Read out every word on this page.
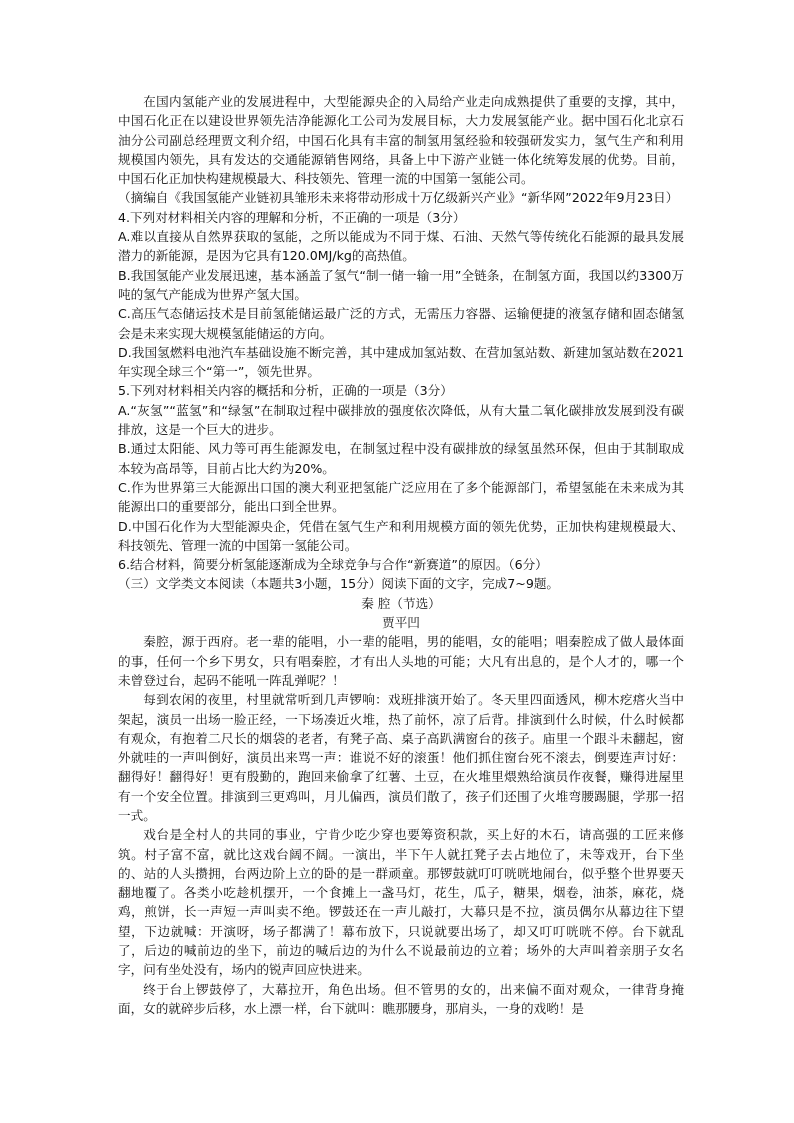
在国内氢能产业的发展进程中，大型能源央企的入局给产业走向成熟提供了重要的支撑，其中，中国石化正在以建设世界领先洁净能源化工公司为发展目标，大力发展氢能产业。据中国石化北京石油分公司副总经理贾文利介绍，中国石化具有丰富的制氢用氢经验和较强研发实力，氢气生产和利用规模国内领先，具有发达的交通能源销售网络，具备上中下游产业链一体化统筹发展的优势。目前，中国石化正加快构建规模最大、科技领先、管理一流的中国第一氢能公司。

（摘编自《我国氢能产业链初具雏形未来将带动形成十万亿级新兴产业》“新华网”2022年9月23日）

4.下列对材料相关内容的理解和分析，不正确的一项是（3分）

A.难以直接从自然界获取的氢能，之所以能成为不同于煤、石油、天然气等传统化石能源的最具发展潜力的新能源，是因为它具有120.0MJ/kg的高热值。

B.我国氢能产业发展迅速，基本涵盖了氢气“制一储一输一用”全链条，在制氢方面，我国以约3300万吨的氢气产能成为世界产氢大国。

C.高压气态储运技术是目前氢能储运最广泛的方式，无需压力容器、运输便捷的液氢存储和固态储氢会是未来实现大规模氢能储运的方向。

D.我国氢燃料电池汽车基础设施不断完善，其中建成加氢站数、在营加氢站数、新建加氢站数在2021年实现全球三个“第一”，领先世界。

5.下列对材料相关内容的概括和分析，正确的一项是（3分）

A.“灰氢”“蓝氢”和“绿氢”在制取过程中碳排放的强度依次降低，从有大量二氧化碳排放发展到没有碳排放，这是一个巨大的进步。

B.通过太阳能、风力等可再生能源发电，在制氢过程中没有碳排放的绿氢虽然环保，但由于其制取成本较为高昂等，目前占比大约为20%。

C.作为世界第三大能源出口国的澳大利亚把氢能广泛应用在了多个能源部门，希望氢能在未来成为其能源出口的重要部分，能出口到全世界。

D.中国石化作为大型能源央企，凭借在氢气生产和利用规模方面的领先优势，正加快构建规模最大、科技领先、管理一流的中国第一氢能公司。

6.结合材料，简要分析氢能逐渐成为全球竞争与合作“新赛道”的原因。（6分）

（三）文学类文本阅读（本题共3小题，15分）阅读下面的文字，完成7~9题。

秦 腔（节选）

贾平凹

秦腔，源于西府。老一辈的能唱，小一辈的能唱，男的能唱，女的能唱；唱秦腔成了做人最体面的事，任何一个乡下男女，只有唱秦腔，才有出人头地的可能；大凡有出息的，是个人才的，哪一个未曾登过台，起码不能吼一阵乱弹呢？！

每到农闲的夜里，村里就常听到几声锣响：戏班排演开始了。冬天里四面透风，柳木疙瘩火当中架起，演员一出场一脸正经，一下场凑近火堆，热了前怀，凉了后背。排演到什么时候，什么时候都有观众，有抱着二尺长的烟袋的老者，有凳子高、桌子高趴满窗台的孩子。庙里一个跟斗未翻起，窗外就哇的一声叫倒好，演员出来骂一声：谁说不好的滚蛋！他们抓住窗台死不滚去，倒要连声讨好：翻得好！翻得好！更有殷勤的，跑回来偷拿了红薯、土豆，在火堆里煨熟给演员作夜餐，赚得进屋里有一个安全位置。排演到三更鸡叫，月儿偏西，演员们散了，孩子们还围了火堆弯腰踢腿，学那一招一式。

戏台是全村人的共同的事业，宁肯少吃少穿也要筹资积款，买上好的木石，请高强的工匠来修筑。村子富不富，就比这戏台阔不阔。一演出，半下午人就扛凳子去占地位了，未等戏开，台下坐的、站的人头攒拥，台两边阶上立的卧的是一群顽童。那锣鼓就叮叮咣咣地闹台，似乎整个世界要天翻地覆了。各类小吃趁机摆开，一个食摊上一盏马灯，花生，瓜子，糖果，烟卷，油茶，麻花，烧鸡，煎饼，长一声短一声叫卖不绝。锣鼓还在一声儿敲打，大幕只是不拉，演员偶尔从幕边往下望望，下边就喊：开演呀，场子都满了！幕布放下，只说就要出场了，却又叮叮咣咣不停。台下就乱了，后边的喊前边的坐下，前边的喊后边的为什么不说最前边的立着；场外的大声叫着亲朋子女名字，问有坐处没有，场内的锐声回应快进来。

终于台上锣鼓停了，大幕拉开，角色出场。但不管男的女的，出来偏不面对观众，一律背身掩面，女的就碎步后移，水上漂一样，台下就叫：瞧那腰身，那肩头，一身的戏哟！是
